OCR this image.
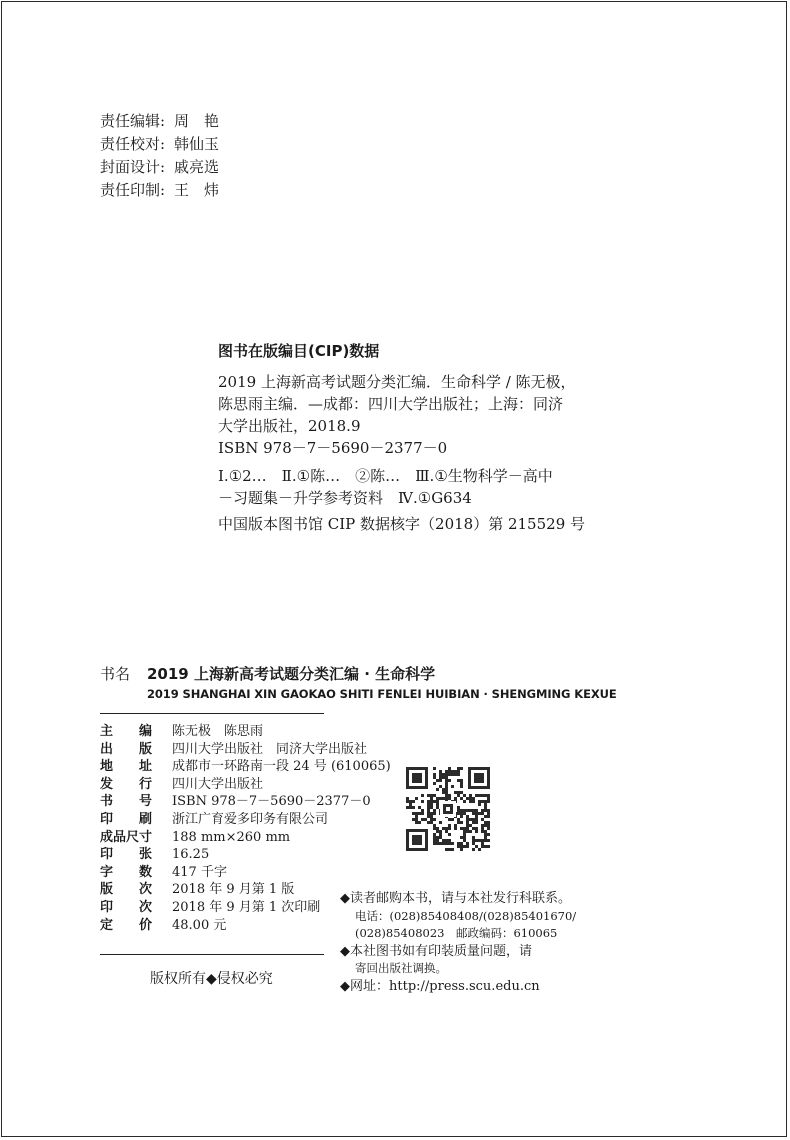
责任编辑: 周　艳
责任校对: 韩仙玉
封面设计: 戚亮选
责任印制: 王　炜
图书在版编目(CIP)数据
2019 上海新高考试题分类汇编．生命科学 / 陈无极，
陈思雨主编．—成都：四川大学出版社；上海：同济
大学出版社，2018.9
ISBN 978－7－5690－2377－0
Ⅰ.①2…　Ⅱ.①陈…　②陈…　Ⅲ.①生物科学－高中
－习题集－升学参考资料　Ⅳ.①G634
中国版本图书馆 CIP 数据核字（2018）第 215529 号
书名 2019 上海新高考试题分类汇编 · 生命科学
2019 SHANGHAI XIN GAOKAO SHITI FENLEI HUIBIAN · SHENGMING KEXUE
主　　编 陈无极　陈思雨
出　　版 四川大学出版社　同济大学出版社
地　　址 成都市一环路南一段 24 号 (610065)
发　　行 四川大学出版社
书　　号 ISBN 978－7－5690－2377－0
印　　刷 浙江广育爱多印务有限公司
成品尺寸 188 mm×260 mm
印　　张 16.25
字　　数 417 千字
版　　次 2018 年 9 月第 1 版
印　　次 2018 年 9 月第 1 次印刷
定　　价 48.00 元
版权所有◆侵权必究
◆读者邮购本书，请与本社发行科联系。
电话：(028)85408408/(028)85401670/
(028)85408023　邮政编码：610065
◆本社图书如有印装质量问题，请
寄回出版社调换。
◆网址：http://press.scu.edu.cn
